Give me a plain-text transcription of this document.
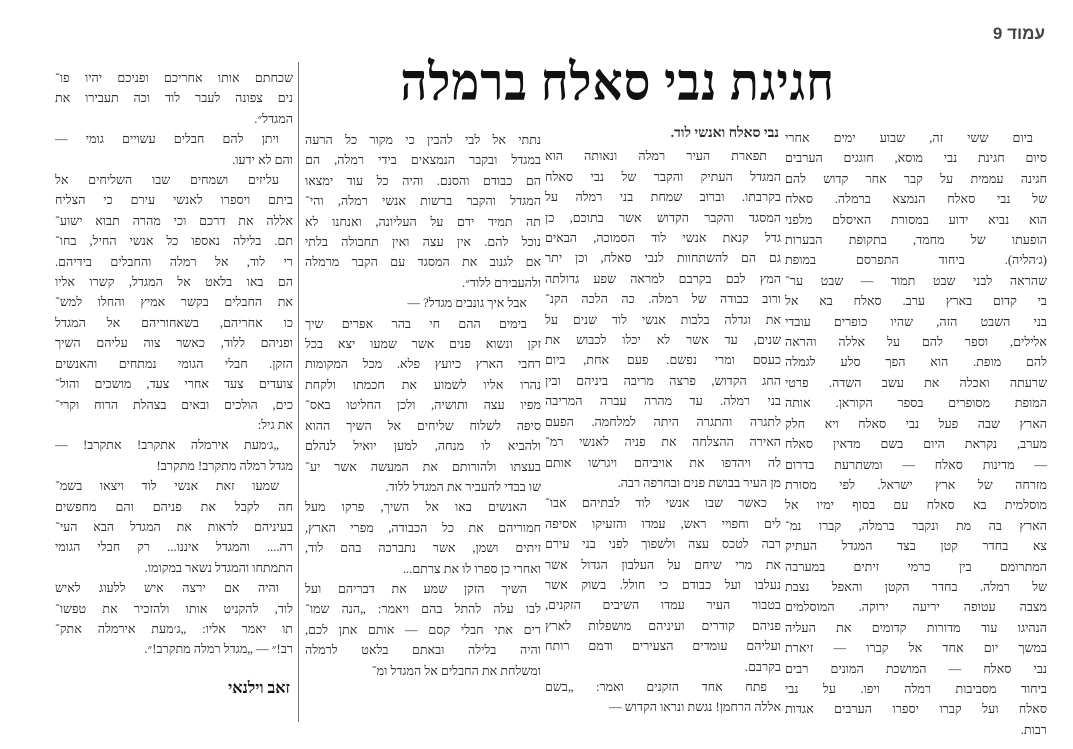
עמוד 9
חגיגת נבי סאלח ברמלה
ביום ששי זה, שבוע ימים אחרי
סיום חגינת נבי מוסא, חוגגים הערבים
חגינה עממית על קבר אחר קדוש להם
של נבי סאלח הנמצא ברמלה. סאלח
הוא נביא ידוע במסורת האיסלם מלפני
הופעתו של מחמד, בתקופת הבערות
(ג׳הליה). ביחוד התפרסם במופת
שהראה לבני שבט תמוד — שבט ער־
בי קדום בארץ ערב. סאלח בא אל
בני השבט הזה, שהיו כופרים עובדי
אלילים, וספר להם על אללה והראה
להם מופת. הוא הפך סלע לגמלה
שרעתה ואכלה את עשב השדה. פרטי
המופת מסופרים בספר הקוראן. אותה
הארץ שבה פעל נבי סאלח ויא חלק
מערב, נקראת היום בשם מדאין סאלח
— מדינות סאלח — ומשתרעת בדרום
מזרחה של ארץ ישראל. לפי מסורת
מוסלמית בא סאלח עם בסוף ימיו אל
הארץ בה מת ונקבר ברמלה, קברו נמ־
צא בחדר קטן בצד המגדל העתיק
המתרומם בין כרמי זיתים במערבה
של רמלה. בחדר הקטן והאפל נצבת
מצבה עטופה יריעה ירוקה. המוסלמים
הנהיגו עוד מדורות קדומים את העליה
במשך יום אחד אל קברו — זיארת
נבי סאלח — המושכת המונים רבים
ביחוד מסביבות רמלה ויפו. על נבי
סאלח ועל קברו יספרו הערבים אגדות
רבות.
נבי סאלח ואנשי לוד.
תפארת העיר רמלה ונאותה הוא
המגדל העתיק והקבר של נבי סאלח
בקרבתו. וברוב שמחת בני רמלה על
המסגד והקבר הקדוש אשר בתוכם, כן
גדל קנאת אנשי לוד הסמוכה, הבאים
גם הם להשתחוות לנבי סאלח, וכן יתר
המץ לבם בקרבם למראה שפע גדולתה
ורוב כבודה של רמלה. כה הלכה הקנ־
את וגדלה בלבות אנשי לוד שנים על
שנים, עד אשר לא יכלו לכבוש את
כעסם ומרי נפשם. פעם אחת, ביום
החג הקדוש, פרצה מריבה ביניהם ובין
בני רמלה. עד מהרה עברה המריבה
לתגרה והתגרה היתה למלחמה. הפעם
האירה ההצלחה את פניה לאנשי רמ־
לה ויהדפו את אויביהם ויגרשו אותם
מן העיר בבושת פנים ובחרפה רבה.
כאשר שבו אנשי לוד לבתיהם אבו־
לים וחפויי ראש, עמדו והזעיקו אסיפה
רבה לטכס עצה ולשפוך לפני בני עירם
את מרי שיחם על העלבון הגדול אשר
נעלבו ועל כבודם כי חולל. בשוק אשר
בטבור העיר עמדו השיבים הזקנים,
פניהם קודרים ועיניהם מושפלות לארץ
ועליהם עומדים הצעירים ודמם רותח
בקרבם.
פתח אחד הזקנים ואמר: „בשם
אללה הרחמן! נגשת ונראו הקדוש —
נתתי אל לבי להבין כי מקור כל הרעה
במגדל ובקבר הנמצאים בידי רמלה, הם
הם כבודם והסנם. והיה כל עוד ימצאו
המגדל והקבר ברשות אנשי רמלה, והי־
תה תמיד ידם על העליונה, ואנחנו לא
נוכל להם. אין עצה ואין תחבולה בלתי
אם לגנוב את המסגד עם הקבר מרמלה
ולהעבירם ללוד״.
אבל איך גונבים מגדל? —
בימים ההם חי בהר אפרים שיך
זקן ונשוא פנים אשר שמעו יצא בכל
רחבי הארץ כיועץ פלא. מכל המקומות
נהרו אליו לשמוע את חכמתו ולקחת
מפיו עצה ותושיה, ולכן החליטו באס־
סיפה לשלוח שליחים אל השיך ההוא
ולהביא לו מנחה, למען יואיל לנהלם
בעצתו ולהורותם את המעשה אשר יע־
שו בבדי להעביר את המגדל ללוד.
האנשים באו אל השיך, פרקו מעל
חמוריהם את כל הכבודה, מפרי הארץ,
זיתים ושמן, אשר נתברכה בהם לוד,
ואחרי כן ספרו לו את צרתם...
השיך הזקן שמע את דבריהם ועל
לבו עלה להתל בהם ויאמר: „הנה שמו־
רים אתי חבלי קסם — אותם אתן לכם,
והיה בלילה ובאתם בלאט לרמלה
ומשלחת את החבלים אל המגדל ומ־
שכחתם אותו אחריכם ופניכם יהיו פו־
נים צפונה לעבר לוד וכה תעבירו את
המגדל״.
ויתן להם חבלים עשויים גומי —
והם לא ידעו.
עליזים ושמחים שבו השליחים אל
ביתם ויספרו לאנשי עירם כי הצליח
אללה את דרכם וכי מהרה תבוא ישוע־
תם. בלילה נאספו כל אנשי החיל, בחו־
רי לוד, אל רמלה והחבלים בידיהם.
הם באו בלאט אל המגדל, קשרו אליו
את החבלים בקשר אמיץ והחלו למש־
כו אחריהם, בשאחוריהם אל המגדל
ופניהם ללוד, כאשר צוה עליהם השיך
הזקן. חבלי הגומי נמתחים והאנשים
צועדים צעד אחרי צעד, מושכים והול־
כים, הולכים ובאים בצהלת הרוח וקרי־
את גיל:
„ג׳מעת אירמלה אתקרב! אתקרב! —
מגדל רמלה מתקרב! מתקרב!
שמעו זאת אנשי לוד ויצאו בשמ־
חה לקבל את פניהם והם מחפשים
בעיניהם לראות את המגדל הבא העי־
רה.... והמגדל איננו... רק חבלי הגומי
התמתחו והמגדל נשאר במקומו.
והיה אם ירצה איש ללעוג לאיש
לוד, להקניט אותו ולהזכיר את טפשו־
תו יאמר אליו: „ג׳מעת אירמלה אתק־
רב!״ — „מגדל רמלה מתקרב!״.
זאב וילנאי
